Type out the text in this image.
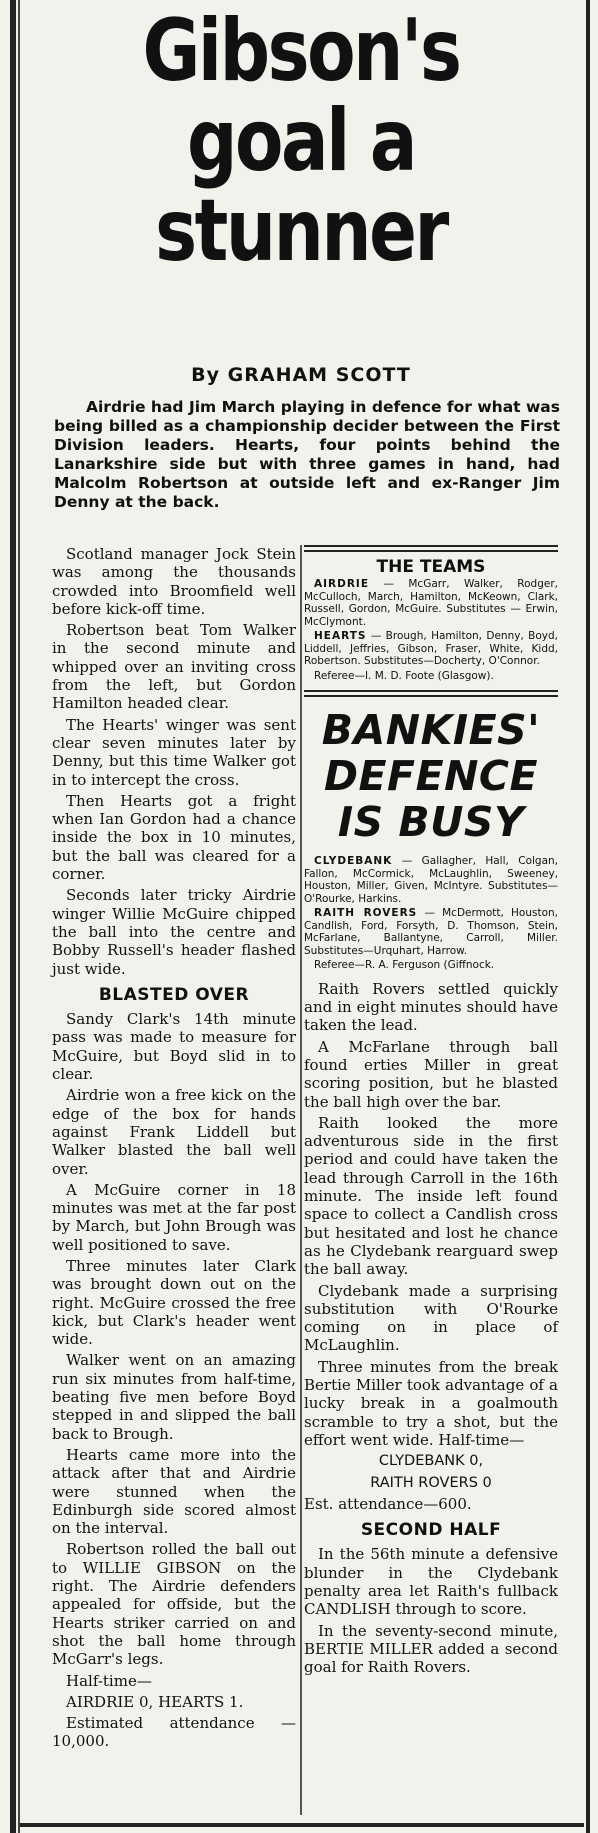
Gibson's
goal a
stunner
By GRAHAM SCOTT
Airdrie had Jim March playing in defence for what was being billed as a championship decider between the First Division leaders. Hearts, four points behind the Lanarkshire side but with three games in hand, had Malcolm Robertson at outside left and ex-Ranger Jim Denny at the back.

Scotland manager Jock Stein was among the thousands crowded into Broomfield well before kick-off time.

Robertson beat Tom Walker in the second minute and whipped over an inviting cross from the left, but Gordon Hamilton headed clear.

The Hearts' winger was sent clear seven minutes later by Denny, but this time Walker got in to intercept the cross.

Then Hearts got a fright when Ian Gordon had a chance inside the box in 10 minutes, but the ball was cleared for a corner.

Seconds later tricky Airdrie winger Willie McGuire chipped the ball into the centre and Bobby Russell's header flashed just wide.

BLASTED OVER

Sandy Clark's 14th minute pass was made to measure for McGuire, but Boyd slid in to clear.

Airdrie won a free kick on the edge of the box for hands against Frank Liddell but Walker blasted the ball well over.

A McGuire corner in 18 minutes was met at the far post by March, but John Brough was well positioned to save.

Three minutes later Clark was brought down out on the right. McGuire crossed the free kick, but Clark's header went wide.

Walker went on an amazing run six minutes from half-time, beating five men before Boyd stepped in and slipped the ball back to Brough.

Hearts came more into the attack after that and Airdrie were stunned when the Edinburgh side scored almost on the interval.

Robertson rolled the ball out to WILLIE GIBSON on the right. The Airdrie defenders appealed for offside, but the Hearts striker carried on and shot the ball home through McGarr's legs.

Half-time—

AIRDRIE 0, HEARTS 1.

Estimated attendance — 10,000.

THE TEAMS

AIRDRIE — McGarr, Walker, Rodger, McCulloch, March, Hamilton, McKeown, Clark, Russell, Gordon, McGuire. Substitutes — Erwin, McClymont.

HEARTS — Brough, Hamilton, Denny, Boyd, Liddell, Jeffries, Gibson, Fraser, White, Kidd, Robertson. Substitutes—Docherty, O'Connor.

Referee—I. M. D. Foote (Glasgow).

BANKIES'
DEFENCE
IS BUSY

CLYDEBANK — Gallagher, Hall, Colgan, Fallon, McCormick, McLaughlin, Sweeney, Houston, Miller, Given, McIntyre. Substitutes—O'Rourke, Harkins.

RAITH ROVERS — McDermott, Houston, Candlish, Ford, Forsyth, D. Thomson, Stein, McFarlane, Ballantyne, Carroll, Miller. Substitutes—Urquhart, Harrow.

Referee—R. A. Ferguson (Giffnock.

Raith Rovers settled quickly and in eight minutes should have taken the lead.

A McFarlane through ball found erties Miller in great scoring position, but he blasted the ball high over the bar.

Raith looked the more adventurous side in the first period and could have taken the lead through Carroll in the 16th minute. The inside left found space to collect a Candlish cross but hesitated and lost he chance as he Clydebank rearguard swep the ball away.

Clydebank made a surprising substitution with O'Rourke coming on in place of McLaughlin.

Three minutes from the break Bertie Miller took advantage of a lucky break in a goalmouth scramble to try a shot, but the effort went wide. Half-time—

CLYDEBANK 0,

RAITH ROVERS 0

Est. attendance—600.

SECOND HALF

In the 56th minute a defensive blunder in the Clydebank penalty area let Raith's fullback CANDLISH through to score.

In the seventy-second minute, BERTIE MILLER added a second goal for Raith Rovers.
